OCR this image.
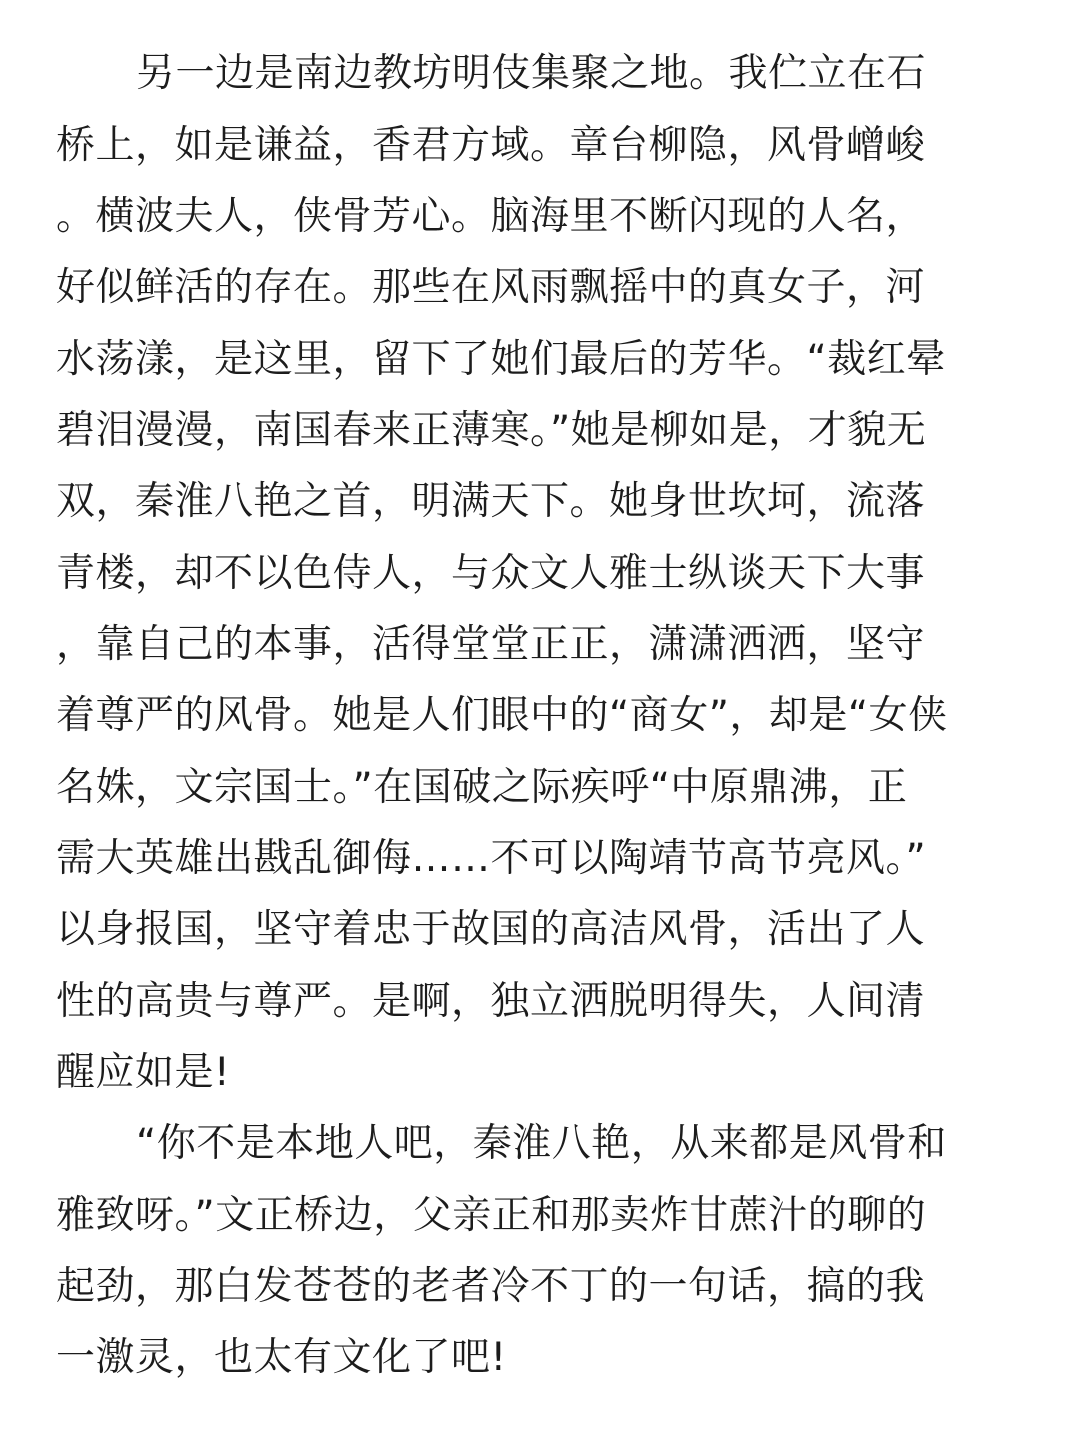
另一边是南边教坊明伎集聚之地。我伫立在石
桥上，如是谦益，香君方域。章台柳隐，风骨嶒峻
。横波夫人，侠骨芳心。脑海里不断闪现的人名，
好似鲜活的存在。那些在风雨飘摇中的真女子，河
水荡漾，是这里，留下了她们最后的芳华。“裁红晕
碧泪漫漫，南国春来正薄寒。”她是柳如是，才貌无
双，秦淮八艳之首，明满天下。她身世坎坷，流落
青楼，却不以色侍人，与众文人雅士纵谈天下大事
，靠自己的本事，活得堂堂正正，潇潇洒洒，坚守
着尊严的风骨。她是人们眼中的“商女”，却是“女侠
名姝，文宗国士。”在国破之际疾呼“中原鼎沸，正
需大英雄出戡乱御侮……不可以陶靖节高节亮风。”
以身报国，坚守着忠于故国的高洁风骨，活出了人
性的高贵与尊严。是啊，独立洒脱明得失，人间清
醒应如是!
“你不是本地人吧，秦淮八艳，从来都是风骨和
雅致呀。”文正桥边，父亲正和那卖炸甘蔗汁的聊的
起劲，那白发苍苍的老者冷不丁的一句话，搞的我
一激灵，也太有文化了吧!
